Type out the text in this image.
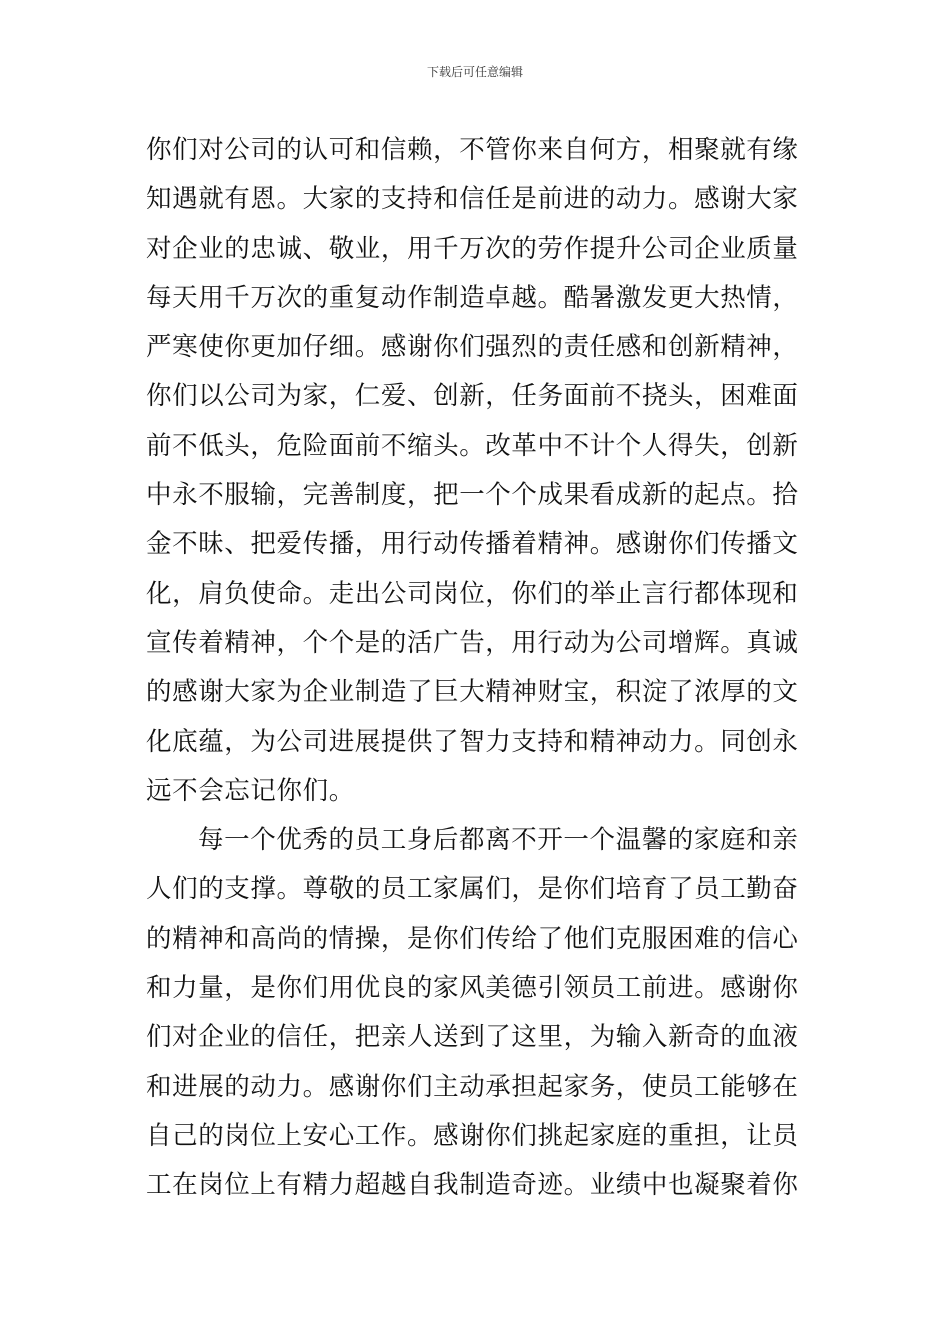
下载后可任意编辑
你们对公司的认可和信赖，不管你来自何方，相聚就有缘
知遇就有恩。大家的支持和信任是前进的动力。感谢大家
对企业的忠诚、敬业，用千万次的劳作提升公司企业质量
每天用千万次的重复动作制造卓越。酷暑激发更大热情，
严寒使你更加仔细。感谢你们强烈的责任感和创新精神，
你们以公司为家，仁爱、创新，任务面前不挠头，困难面
前不低头，危险面前不缩头。改革中不计个人得失，创新
中永不服输，完善制度，把一个个成果看成新的起点。拾
金不昧、把爱传播，用行动传播着精神。感谢你们传播文
化，肩负使命。走出公司岗位，你们的举止言行都体现和
宣传着精神，个个是的活广告，用行动为公司增辉。真诚
的感谢大家为企业制造了巨大精神财宝，积淀了浓厚的文
化底蕴，为公司进展提供了智力支持和精神动力。同创永
远不会忘记你们。
每一个优秀的员工身后都离不开一个温馨的家庭和亲
人们的支撑。尊敬的员工家属们，是你们培育了员工勤奋
的精神和高尚的情操，是你们传给了他们克服困难的信心
和力量，是你们用优良的家风美德引领员工前进。感谢你
们对企业的信任，把亲人送到了这里，为输入新奇的血液
和进展的动力。感谢你们主动承担起家务，使员工能够在
自己的岗位上安心工作。感谢你们挑起家庭的重担，让员
工在岗位上有精力超越自我制造奇迹。业绩中也凝聚着你
